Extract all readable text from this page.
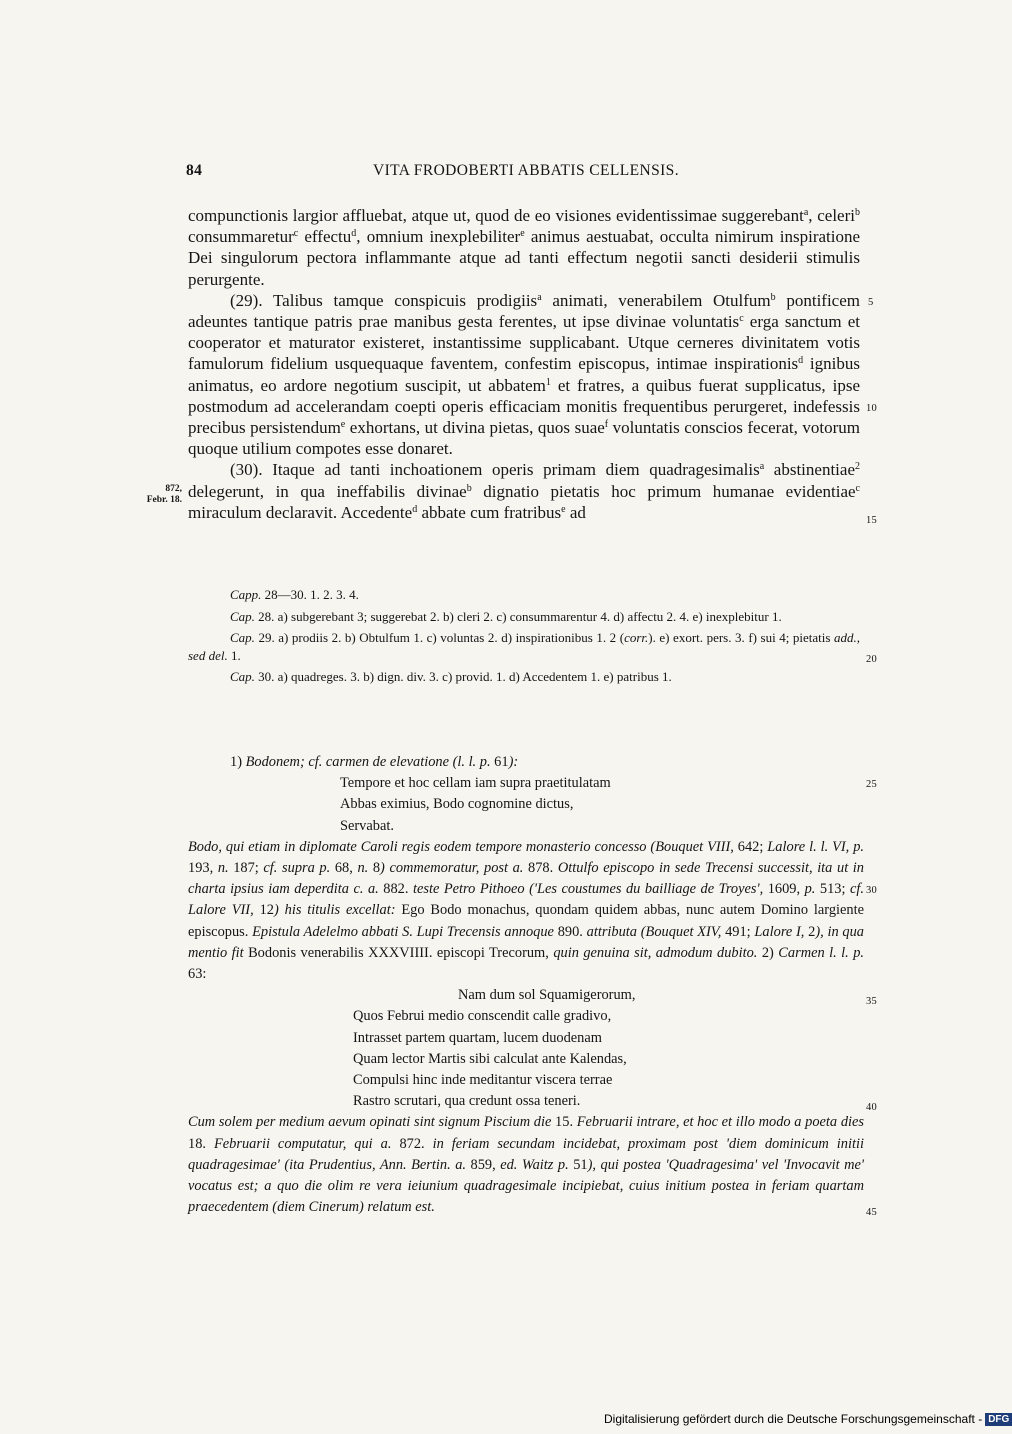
84	VITA FRODOBERTI ABBATIS CELLENSIS.
872,
Febr. 18.

compunctionis largior affluebat, atque ut, quod de eo visiones evidentissimae suggerebant$^a$, celeri$^b$ consummaretur$^c$ effectu$^d$, omnium inexplebiliter$^e$ animus aestuabat, occulta nimirum inspiratione Dei singulorum pectora inflammante atque ad tanti effectum negotii sancti desiderii stimulis perurgente.

(29). Talibus tamque conspicuis prodigiis$^a$ animati, venerabilem Otulfum$^b$ pontificem adeuntes tantique patris prae manibus gesta ferentes, ut ipse divinae voluntatis$^c$ erga sanctum et cooperator et maturator existeret, instantissime supplicabant. Utque cerneres divinitatem votis famulorum fidelium usquequaque faventem, confestim episcopus, intimae inspirationis$^d$ ignibus animatus, eo ardore negotium suscipit, ut abbatem$^1$ et fratres, a quibus fuerat supplicatus, ipse postmodum ad accelerandam coepti operis efficaciam monitis frequentibus perurgeret, indefessis precibus persistendum$^e$ exhortans, ut divina pietas, quos suae$^f$ voluntatis conscios fecerat, votorum quoque utilium compotes esse donaret.

(30). Itaque ad tanti inchoationem operis primam diem quadragesimalis$^a$ abstinentiae$^2$ delegerunt, in qua ineffabilis divinae$^b$ dignatio pietatis hoc primum humanae evidentiae$^c$ miraculum declaravit. Accedente$^d$ abbate cum fratribus$^e$ ad

5
10
15
20
25
30
35
40
45

Capp. 28—30. 1. 2. 3. 4.

Cap. 28. a) subgerebant 3; suggerebat 2. b) cleri 2. c) consummarentur 4. d) affectu 2. 4. e) inexplebitur 1.

Cap. 29. a) prodiis 2. b) Obtulfum 1. c) voluntas 2. d) inspirationibus 1. 2 (corr.). e) exort. pers. 3. f) sui 4; pietatis add., sed del. 1.

Cap. 30. a) quadreges. 3. b) dign. div. 3. c) provid. 1. d) Accedentem 1. e) patribus 1.

1) Bodonem; cf. carmen de elevatione (l. l. p. 61):

Tempore et hoc cellam iam supra praetitulatam

Abbas eximius, Bodo cognomine dictus,

Servabat.

Bodo, qui etiam in diplomate Caroli regis eodem tempore monasterio concesso (Bouquet VIII, 642; Lalore l. l. VI, p. 193, n. 187; cf. supra p. 68, n. 8) commemoratur, post a. 878. Ottulfo episcopo in sede Trecensi successit, ita ut in charta ipsius iam deperdita c. a. 882. teste Petro Pithoeo ('Les coustumes du bailliage de Troyes', 1609, p. 513; cf. Lalore VII, 12) his titulis excellat: Ego Bodo monachus, quondam quidem abbas, nunc autem Domino largiente episcopus. Epistula Adelelmo abbati S. Lupi Trecensis annoque 890. attributa (Bouquet XIV, 491; Lalore I, 2), in qua mentio fit Bodonis venerabilis XXXVIIII. episcopi Trecorum, quin genuina sit, admodum dubito. 2) Carmen l. l. p. 63:

Nam dum sol Squamigerorum,

Quos Februi medio conscendit calle gradivo,

Intrasset partem quartam, lucem duodenam

Quam lector Martis sibi calculat ante Kalendas,

Compulsi hinc inde meditantur viscera terrae

Rastro scrutari, qua credunt ossa teneri.

Cum solem per medium aevum opinati sint signum Piscium die 15. Februarii intrare, et hoc et illo modo a poeta dies 18. Februarii computatur, qui a. 872. in feriam secundam incidebat, proximam post 'diem dominicum initii quadragesimae' (ita Prudentius, Ann. Bertin. a. 859, ed. Waitz p. 51), qui postea 'Quadragesima' vel 'Invocavit me' vocatus est; a quo die olim re vera ieiunium quadragesimale incipiebat, cuius initium postea in feriam quartam praecedentem (diem Cinerum) relatum est.

Digitalisierung gefördert durch die Deutsche Forschungsgemeinschaft - DFG
